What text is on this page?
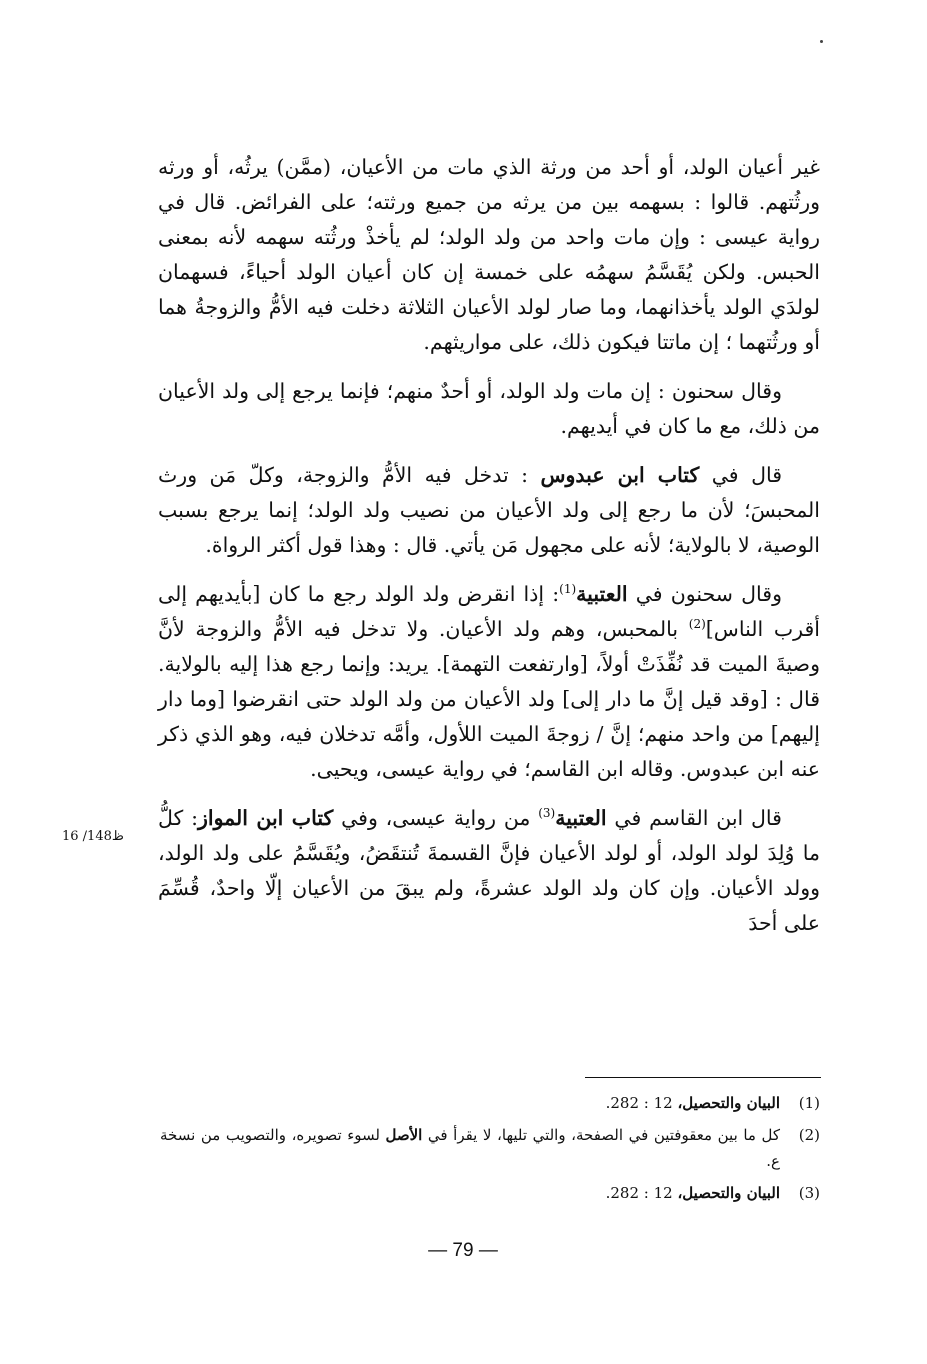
غير أعيان الولد، أو أحد من ورثة الذي مات من الأعيان، (ممَّن) يرثُه، أو ورثه ورثُتهم. قالوا : بسهمه بين من يرثه من جميع ورثته؛ على الفرائض. قال في رواية عيسى : وإن مات واحد من ولد الولد؛ لم يأخذْ ورثُته سهمه لأنه بمعنى الحبس. ولكن يُقَسَّمُ سهمُه على خمسة إن كان أعيان الولد أحياءً، فسهمان لولدَي الولد يأخذانهما، وما صار لولد الأعيان الثلاثة دخلت فيه الأمُّ والزوجةُ هما أو ورثُتهما ؛ إن ماتتا فيكون ذلك، على مواريثهم.

وقال سحنون : إن مات ولد الولد، أو أحدٌ منهم؛ فإنما يرجع إلى ولد الأعيان من ذلك، مع ما كان في أيديهم.

قال في كتاب ابن عبدوس : تدخل فيه الأمُّ والزوجة، وكلّ مَن ورث المحبسَ؛ لأن ما رجع إلى ولد الأعيان من نصيب ولد الولد؛ إنما يرجع بسبب الوصية، لا بالولاية؛ لأنه على مجهول مَن يأتي. قال : وهذا قول أكثر الرواة.

وقال سحنون في العتبية$^{(1)}$: إذا انقرض ولد الولد رجع ما كان [بأيديهم إلى أقرب الناس]$^{(2)}$ بالمحبس، وهم ولد الأعيان. ولا تدخل فيه الأمُّ والزوجة لأنَّ وصيةَ الميت قد نُفِّذَتْ أولاً، [وارتفعت التهمة]. يريد: وإنما رجع هذا إليه بالولاية. قال : [وقد قيل إنَّ ما دار إلى] ولد الأعيان من ولد الولد حتى انقرضوا [وما دار إليهم] من واحد منهم؛ إنَّ / زوجةَ الميت اللأول، وأمَّه تدخلان فيه، وهو الذي ذكر عنه ابن عبدوس. وقاله ابن القاسم؛ في رواية عيسى، ويحيى.

قال ابن القاسم في العتبية$^{(3)}$ من رواية عيسى، وفي كتاب ابن المواز: كلُّ ما وُلِدَ لولد الولد، أو لولد الأعيان فإنَّ القسمةَ تُنتقَضُ، ويُقَسَّمُ على ولد الولد، وولد الأعيان. وإن كان ولد الولد عشرةً، ولم يبقَ من الأعيان إلّا واحدٌ، قُسِّمَ على أحدَ

16 /148ظ
(1)
البيان والتحصيل، 12 : 282.
(2)
كل ما بين معقوفتين في الصفحة، والتي تليها، لا يقرأ في الأصل لسوء تصويره، والتصويب من نسخة ع.
(3)
البيان والتحصيل، 12 : 282.
— 79 —
